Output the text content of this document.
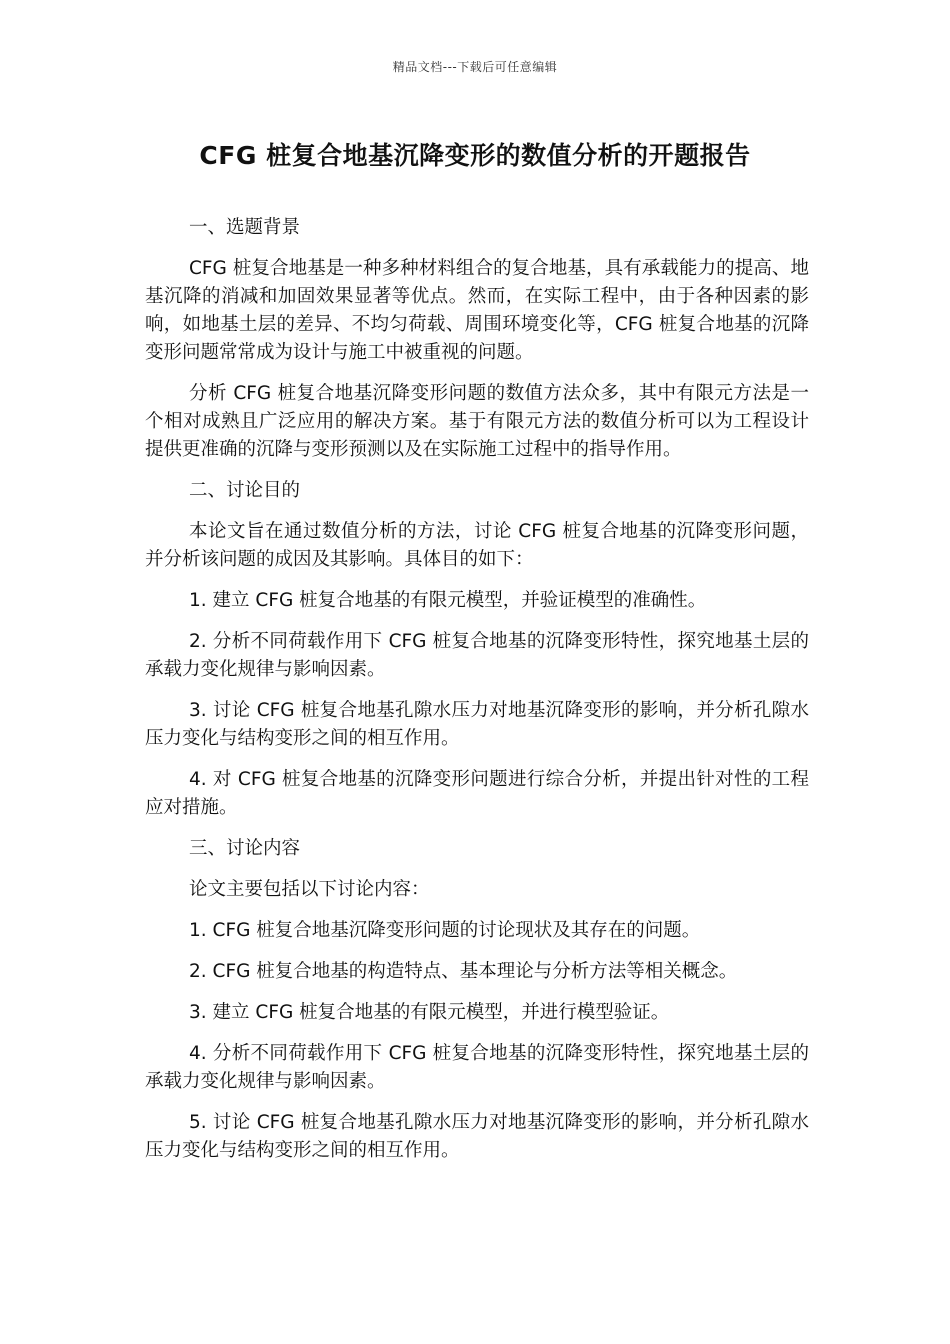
精品文档---下载后可任意编辑
CFG 桩复合地基沉降变形的数值分析的开题报告

一、选题背景

CFG 桩复合地基是一种多种材料组合的复合地基，具有承载能力的提高、地基沉降的消减和加固效果显著等优点。然而，在实际工程中，由于各种因素的影响，如地基土层的差异、不均匀荷载、周围环境变化等，CFG 桩复合地基的沉降变形问题常常成为设计与施工中被重视的问题。

分析 CFG 桩复合地基沉降变形问题的数值方法众多，其中有限元方法是一个相对成熟且广泛应用的解决方案。基于有限元方法的数值分析可以为工程设计提供更准确的沉降与变形预测以及在实际施工过程中的指导作用。

二、讨论目的

本论文旨在通过数值分析的方法，讨论 CFG 桩复合地基的沉降变形问题，并分析该问题的成因及其影响。具体目的如下：

1. 建立 CFG 桩复合地基的有限元模型，并验证模型的准确性。

2. 分析不同荷载作用下 CFG 桩复合地基的沉降变形特性，探究地基土层的承载力变化规律与影响因素。

3. 讨论 CFG 桩复合地基孔隙水压力对地基沉降变形的影响，并分析孔隙水压力变化与结构变形之间的相互作用。

4. 对 CFG 桩复合地基的沉降变形问题进行综合分析，并提出针对性的工程应对措施。

三、讨论内容

论文主要包括以下讨论内容：

1. CFG 桩复合地基沉降变形问题的讨论现状及其存在的问题。

2. CFG 桩复合地基的构造特点、基本理论与分析方法等相关概念。

3. 建立 CFG 桩复合地基的有限元模型，并进行模型验证。

4. 分析不同荷载作用下 CFG 桩复合地基的沉降变形特性，探究地基土层的承载力变化规律与影响因素。

5. 讨论 CFG 桩复合地基孔隙水压力对地基沉降变形的影响，并分析孔隙水压力变化与结构变形之间的相互作用。
